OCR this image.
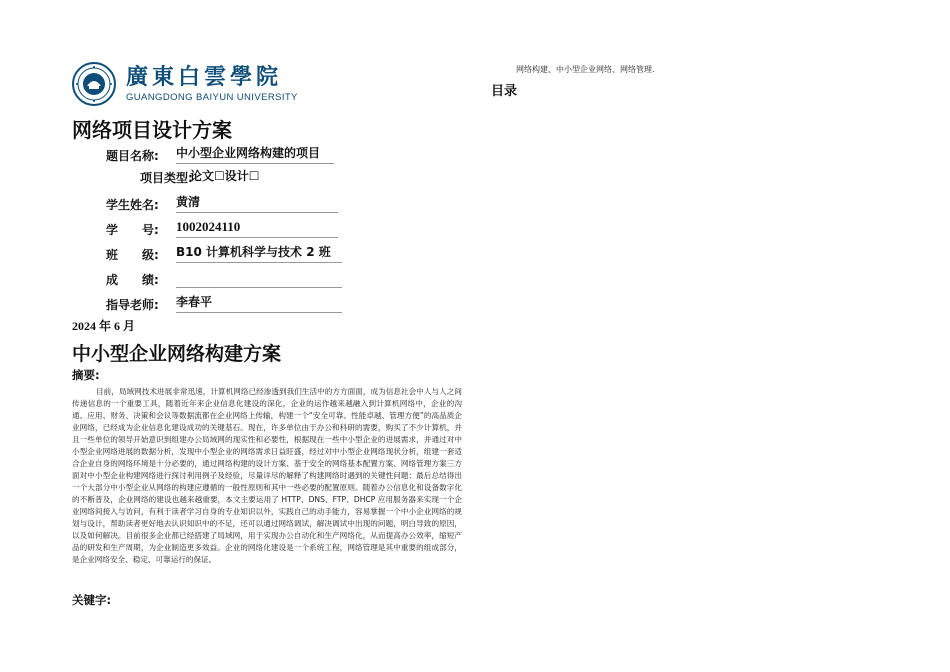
廣東白雲學院
GUANGDONG BAIYUN UNIVERSITY
网络构建、中小型企业网络、网络管理.
目录
网络项目设计方案
题目名称:	中小型企业网络构建的项目
项目类型:
论文☐设计☐
学生姓名:	黄清
学　　号:	1002024110
班　　级:	B10 计算机科学与技术 2 班
成　　绩:
指导老师:	李春平
2024 年 6 月
中小型企业网络构建方案
摘要:
目前，局域网技术进展非常迅速，计算机网络已经渗透到我们生活中的方方面面，成为信息社会中人与人之间传递信息的一个重要工具，随着近年来企业信息化建设的深化，企业的运作越来越融入到计算机网络中，企业的沟通、应用、财务、决策和会议等数据流都在企业网络上传输，构建一个“安全可靠、性能卓越、管理方便”的高品质企业网络，已经成为企业信息化建设成功的关键基石。现在，许多单位由于办公和科研的需要，购买了不少计算机，并且一些单位的领导开始意识到组建办公局域网的现实性和必要性，根据现在一些中小型企业的进展需求，并通过对中小型企业网络进展的数据分析，发现中小型企业的网络需求日益旺盛，经过对中小型企业网络现状分析，组建一套适合企业自身的网络环境是十分必要的，通过网络构建的设计方案、基于安全的网络基本配置方案、网络管理方案三方面对中小型企业构建网络进行探讨利用例子及经验，尽量详尽的解释了构建网络时遇到的关键性问题；最后总结得出一个大部分中小型企业从网络的构建应遵循的一般性原则和其中一些必要的配置原则。随着办公信息化和设备数字化的不断普及，企业网络的建设也越来越重要，本文主要运用了 HTTP、DNS、FTP、DHCP 应用服务器来实现一个企业网络间接入与访问，有利于读者学习自身的专业知识以外，实践自己的动手能力，容易掌握一个中小企业网络的规划与设计，帮助读者更好地去认识知识中的不足，还可以通过网络调试，解决调试中出现的问题，明白导致的原因，以及如何解决。目前很多企业都已经搭建了局域网，用于实现办公自动化和生产网络化，从而提高办公效率，缩短产品的研发和生产周期，为企业制造更多效益。企业的网络化建设是一个系统工程，网络管理是其中重要的组成部分，是企业网络安全、稳定、可靠运行的保证。
关键字:
